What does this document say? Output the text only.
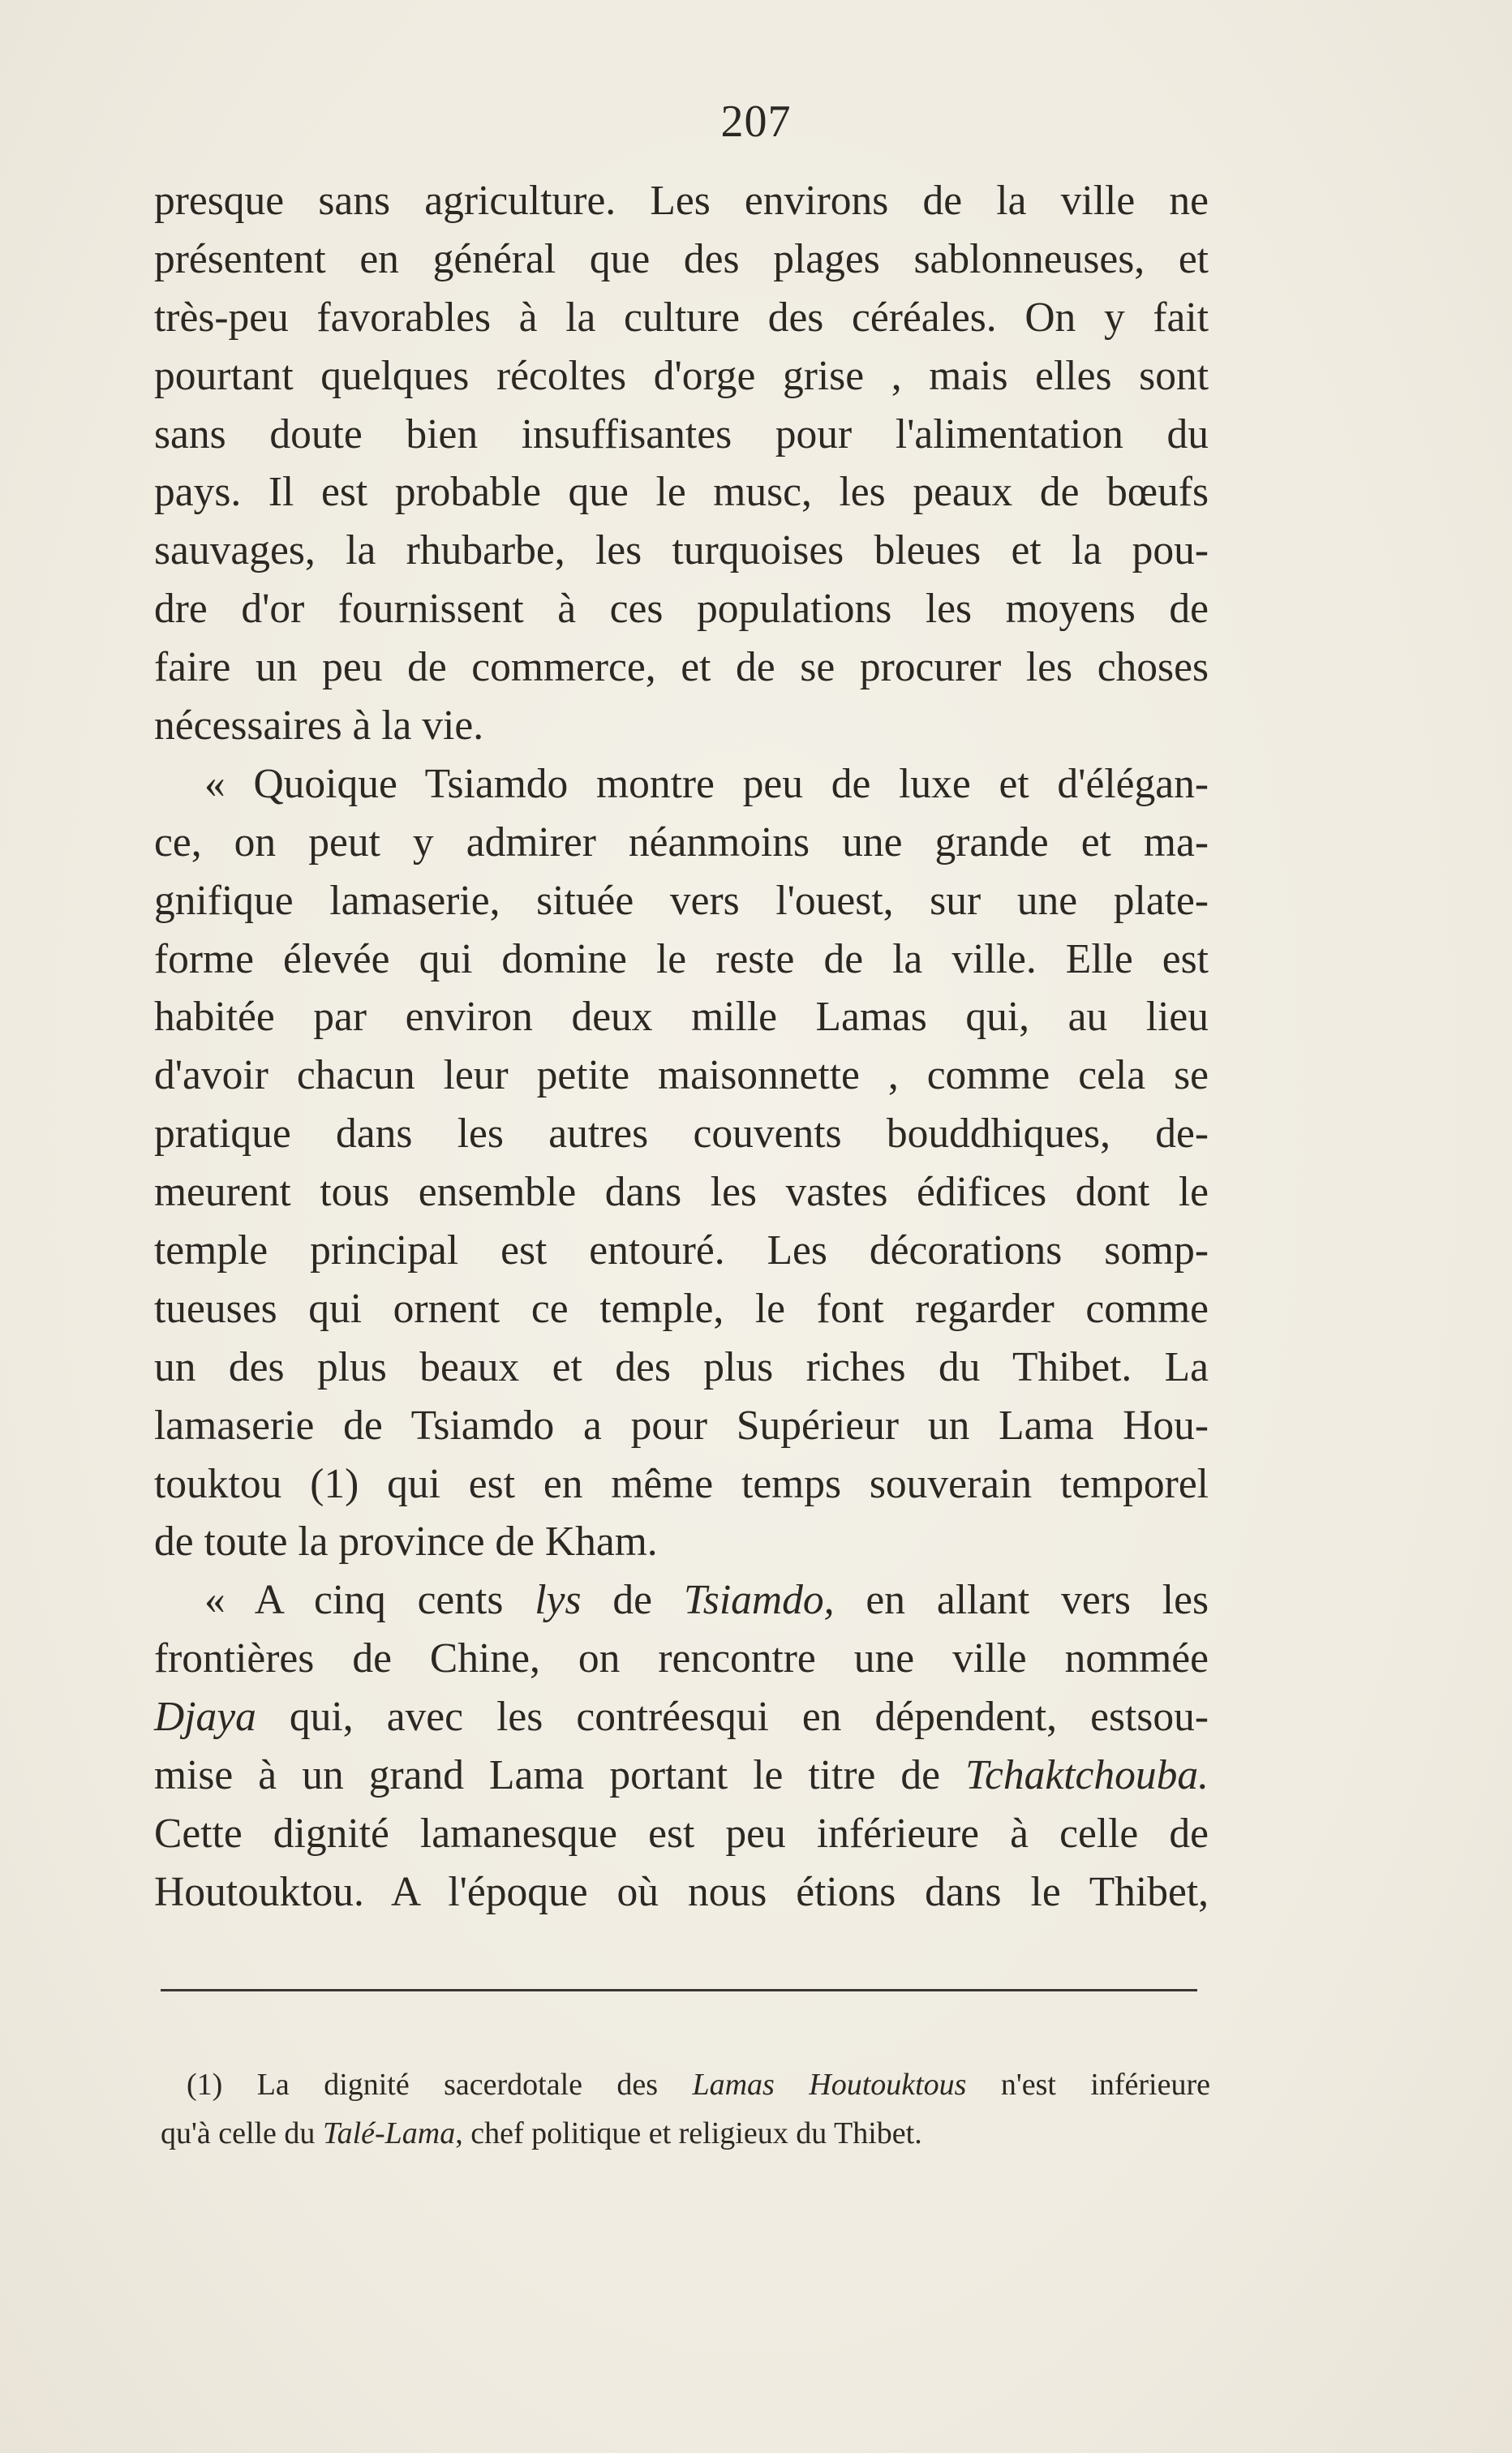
207
presque sans agriculture. Les environs de la ville ne
présentent en général que des plages sablonneuses, et
très-peu favorables à la culture des céréales. On y fait
pourtant quelques récoltes d'orge grise , mais elles sont
sans doute bien insuffisantes pour l'alimentation du
pays. Il est probable que le musc, les peaux de bœufs
sauvages, la rhubarbe, les turquoises bleues et la pou-
dre d'or fournissent à ces populations les moyens de
faire un peu de commerce, et de se procurer les choses
nécessaires à la vie.
« Quoique Tsiamdo montre peu de luxe et d'élégan-
ce, on peut y admirer néanmoins une grande et ma-
gnifique lamaserie, située vers l'ouest, sur une plate-
forme élevée qui domine le reste de la ville. Elle est
habitée par environ deux mille Lamas qui, au lieu
d'avoir chacun leur petite maisonnette , comme cela se
pratique dans les autres couvents bouddhiques, de-
meurent tous ensemble dans les vastes édifices dont le
temple principal est entouré. Les décorations somp-
tueuses qui ornent ce temple, le font regarder comme
un des plus beaux et des plus riches du Thibet. La
lamaserie de Tsiamdo a pour Supérieur un Lama Hou-
touktou (1) qui est en même temps souverain temporel
de toute la province de Kham.
« A cinq cents lys de Tsiamdo, en allant vers les
frontières de Chine, on rencontre une ville nommée
Djaya qui, avec les contréesqui en dépendent, estsou-
mise à un grand Lama portant le titre de Tchaktchouba.
Cette dignité lamanesque est peu inférieure à celle de
Houtouktou. A l'époque où nous étions dans le Thibet,
(1) La dignité sacerdotale des Lamas Houtouktous n'est inférieure
qu'à celle du Talé-Lama, chef politique et religieux du Thibet.
